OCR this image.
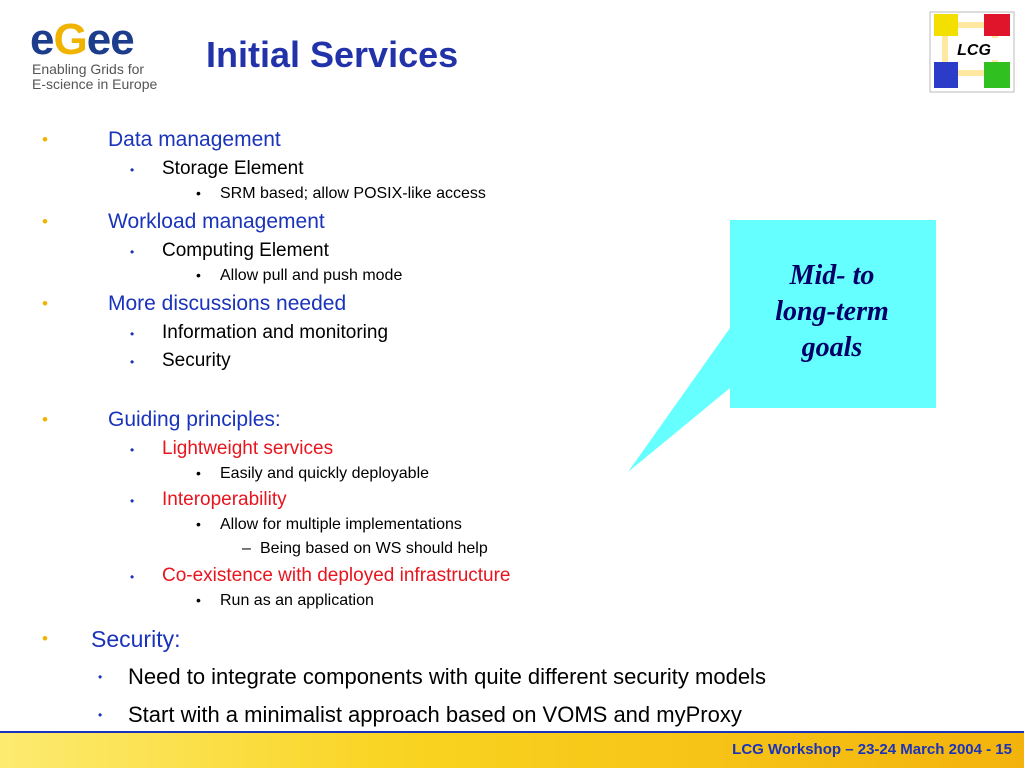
eGee
Enabling Grids for
E-science in Europe
Initial Services	LCG
•	Data management
• Storage Element
• SRM based; allow POSIX-like access
•	Workload management
• Computing Element
• Allow pull and push mode
•	More discussions needed
• Information and monitoring
• Security
•	Guiding principles:
• Lightweight services
• Easily and quickly deployable
• Interoperability
• Allow for multiple implementations
– Being based on WS should help
• Co-existence with deployed infrastructure
• Run as an application
• Security:
• Need to integrate components with quite different security models
• Start with a minimalist approach based on VOMS and myProxy
Mid- to
long-term
goals
LCG Workshop – 23-24 March 2004 - 15
